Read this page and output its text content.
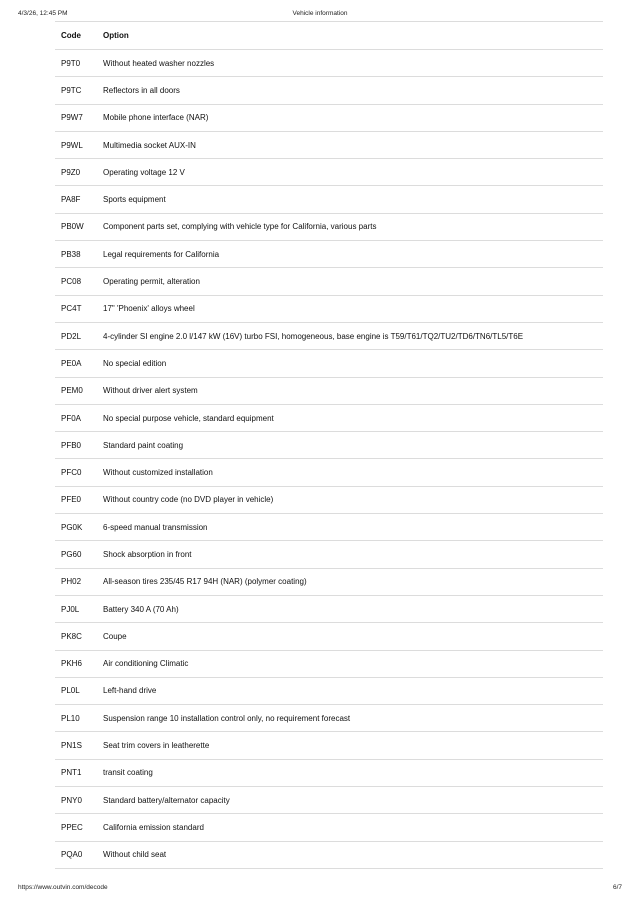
4/3/26, 12:45 PM	Vehicle information
Code	Option
P9T0	Without heated washer nozzles
P9TC	Reflectors in all doors
P9W7	Mobile phone interface (NAR)
P9WL	Multimedia socket AUX-IN
P9Z0	Operating voltage 12 V
PA8F	Sports equipment
PB0W	Component parts set, complying with vehicle type for California, various parts
PB38	Legal requirements for California
PC08	Operating permit, alteration
PC4T	17" 'Phoenix' alloys wheel
PD2L	4-cylinder SI engine 2.0 l/147 kW (16V) turbo FSI, homogeneous, base engine is T59/T61/TQ2/TU2/TD6/TN6/TL5/T6E
PE0A	No special edition
PEM0	Without driver alert system
PF0A	No special purpose vehicle, standard equipment
PFB0	Standard paint coating
PFC0	Without customized installation
PFE0	Without country code (no DVD player in vehicle)
PG0K	6-speed manual transmission
PG60	Shock absorption in front
PH02	All-season tires 235/45 R17 94H (NAR) (polymer coating)
PJ0L	Battery 340 A (70 Ah)
PK8C	Coupe
PKH6	Air conditioning Climatic
PL0L	Left-hand drive
PL10	Suspension range 10 installation control only, no requirement forecast
PN1S	Seat trim covers in leatherette
PNT1	transit coating
PNY0	Standard battery/alternator capacity
PPEC	California emission standard
PQA0	Without child seat
https://www.outvin.com/decode	6/7
